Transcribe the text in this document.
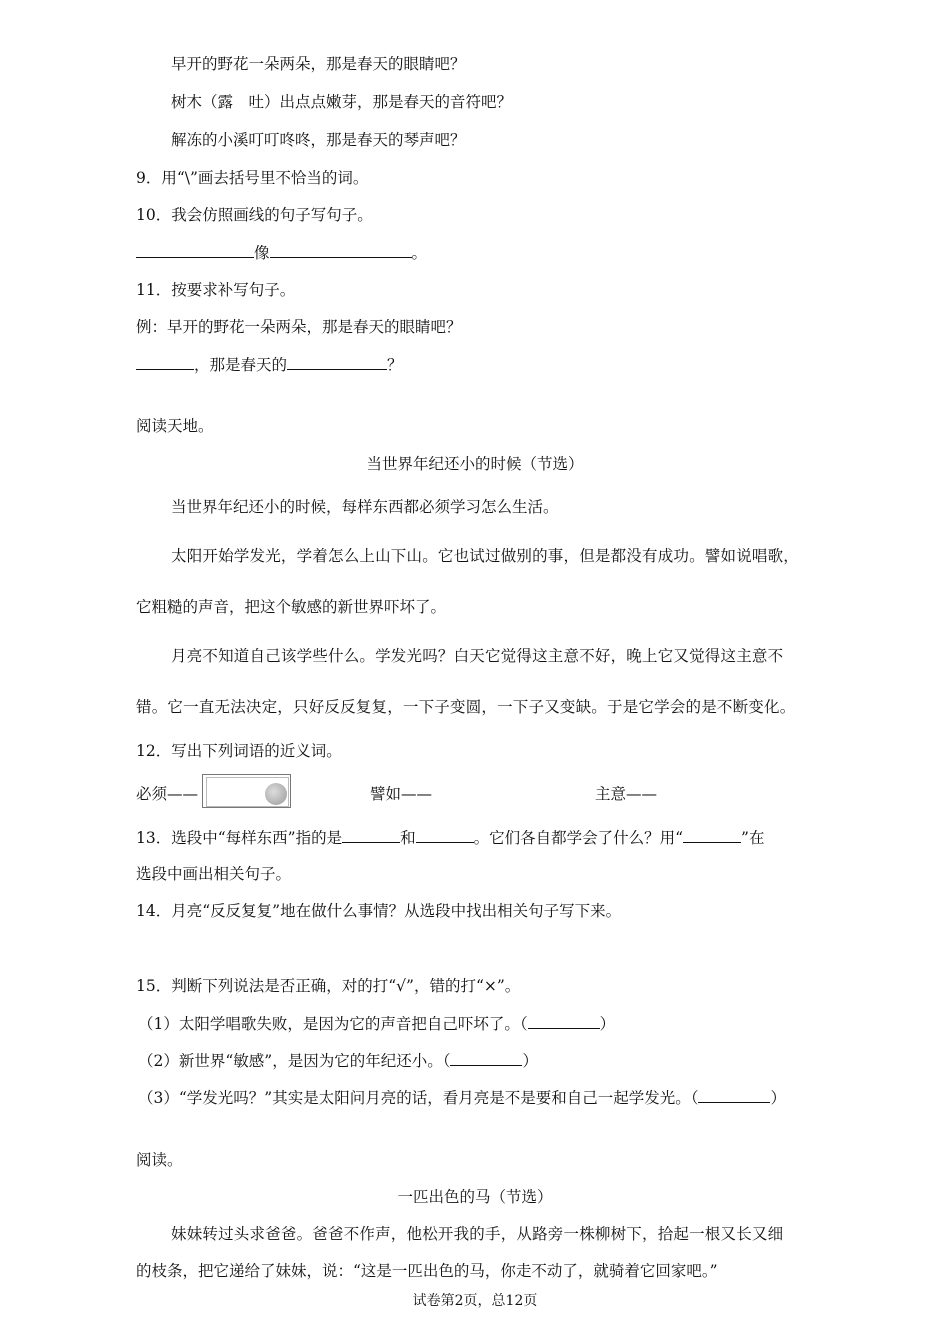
早开的野花一朵两朵，那是春天的眼睛吧？
树木（露　吐）出点点嫩芽，那是春天的音符吧？
解冻的小溪叮叮咚咚，那是春天的琴声吧？
9．用“\”画去括号里不恰当的词。
10．我会仿照画线的句子写句子。
像	。
11．按要求补写句子。
例：早开的野花一朵两朵，那是春天的眼睛吧？
，那是春天的	？
阅读天地。
当世界年纪还小的时候（节选）
当世界年纪还小的时候，每样东西都必须学习怎么生活。
太阳开始学发光，学着怎么上山下山。它也试过做别的事，但是都没有成功。譬如说唱歌，
它粗糙的声音，把这个敏感的新世界吓坏了。
月亮不知道自己该学些什么。学发光吗？白天它觉得这主意不好，晚上它又觉得这主意不
错。它一直无法决定，只好反反复复，一下子变圆，一下子又变缺。于是它学会的是不断变化。
12．写出下列词语的近义词。
必须——	譬如——	主意——
13．选段中“每样东西”指的是	和	。它们各自都学会了什么？用“	”在
选段中画出相关句子。
14．月亮“反反复复”地在做什么事情？从选段中找出相关句子写下来。
15．判断下列说法是否正确，对的打“√”，错的打“×”。
（1）太阳学唱歌失败，是因为它的声音把自己吓坏了。（	）
（2）新世界“敏感”，是因为它的年纪还小。（	）
（3）“学发光吗？”其实是太阳问月亮的话，看月亮是不是要和自己一起学发光。（	）
阅读。
一匹出色的马（节选）
妹妹转过头求爸爸。爸爸不作声，他松开我的手，从路旁一株柳树下，拾起一根又长又细
的枝条，把它递给了妹妹，说：“这是一匹出色的马，你走不动了，就骑着它回家吧。”
试卷第2页，总12页
